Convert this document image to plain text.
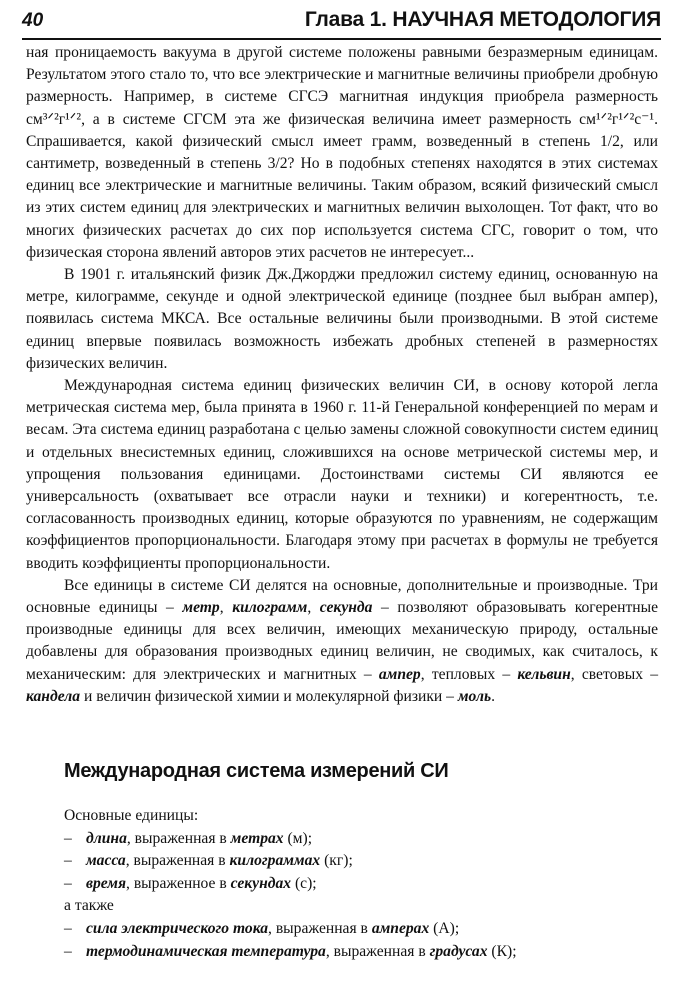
40	Глава 1. НАУЧНАЯ МЕТОДОЛОГИЯ

ная проницаемость вакуума в другой системе положены равными безразмерным единицам. Результатом этого стало то, что все электрические и магнитные величины приобрели дробную размерность. Например, в системе СГСЭ магнитная индукция приобрела размерность см³ᐟ²г¹ᐟ², а в системе СГСМ эта же физическая величина имеет размерность см¹ᐟ²г¹ᐟ²с⁻¹. Спрашивается, какой физический смысл имеет грамм, возведенный в степень 1/2, или сантиметр, возведенный в степень 3/2? Но в подобных степенях находятся в этих системах единиц все электрические и магнитные величины. Таким образом, всякий физический смысл из этих систем единиц для электрических и магнитных величин выхолощен. Тот факт, что во многих физических расчетах до сих пор используется система СГС, говорит о том, что физическая сторона явлений авторов этих расчетов не интересует...

В 1901 г. итальянский физик Дж.Джорджи предложил систему единиц, основанную на метре, килограмме, секунде и одной электрической единице (позднее был выбран ампер), появилась система МКСА. Все остальные величины были производными. В этой системе единиц впервые появилась возможность избежать дробных степеней в размерностях физических величин.

Международная система единиц физических величин СИ, в основу которой легла метрическая система мер, была принята в 1960 г. 11-й Генеральной конференцией по мерам и весам. Эта система единиц разработана с целью замены сложной совокупности систем единиц и отдельных внесистемных единиц, сложившихся на основе метрической системы мер, и упрощения пользования единицами. Достоинствами системы СИ являются ее универсальность (охватывает все отрасли науки и техники) и когерентность, т.е. согласованность производных единиц, которые образуются по уравнениям, не содержащим коэффициентов пропорциональности. Благодаря этому при расчетах в формулы не требуется вводить коэффициенты пропорциональности.

Все единицы в системе СИ делятся на основные, дополнительные и производные. Три основные единицы – метр, килограмм, секунда – позволяют образовывать когерентные производные единицы для всех величин, имеющих механическую природу, остальные добавлены для образования производных единиц величин, не сводимых, как считалось, к механическим: для электрических и магнитных – ампер, тепловых – кельвин, световых – кандела и величин физической химии и молекулярной физики – моль.

Международная система измерений СИ
Основные единицы:
– длина, выраженная в метрах (м);
– масса, выраженная в килограммах (кг);
– время, выраженное в секундах (с);
а также
– сила электрического тока, выраженная в амперах (А);
– термодинамическая температура, выраженная в градусах (К);
